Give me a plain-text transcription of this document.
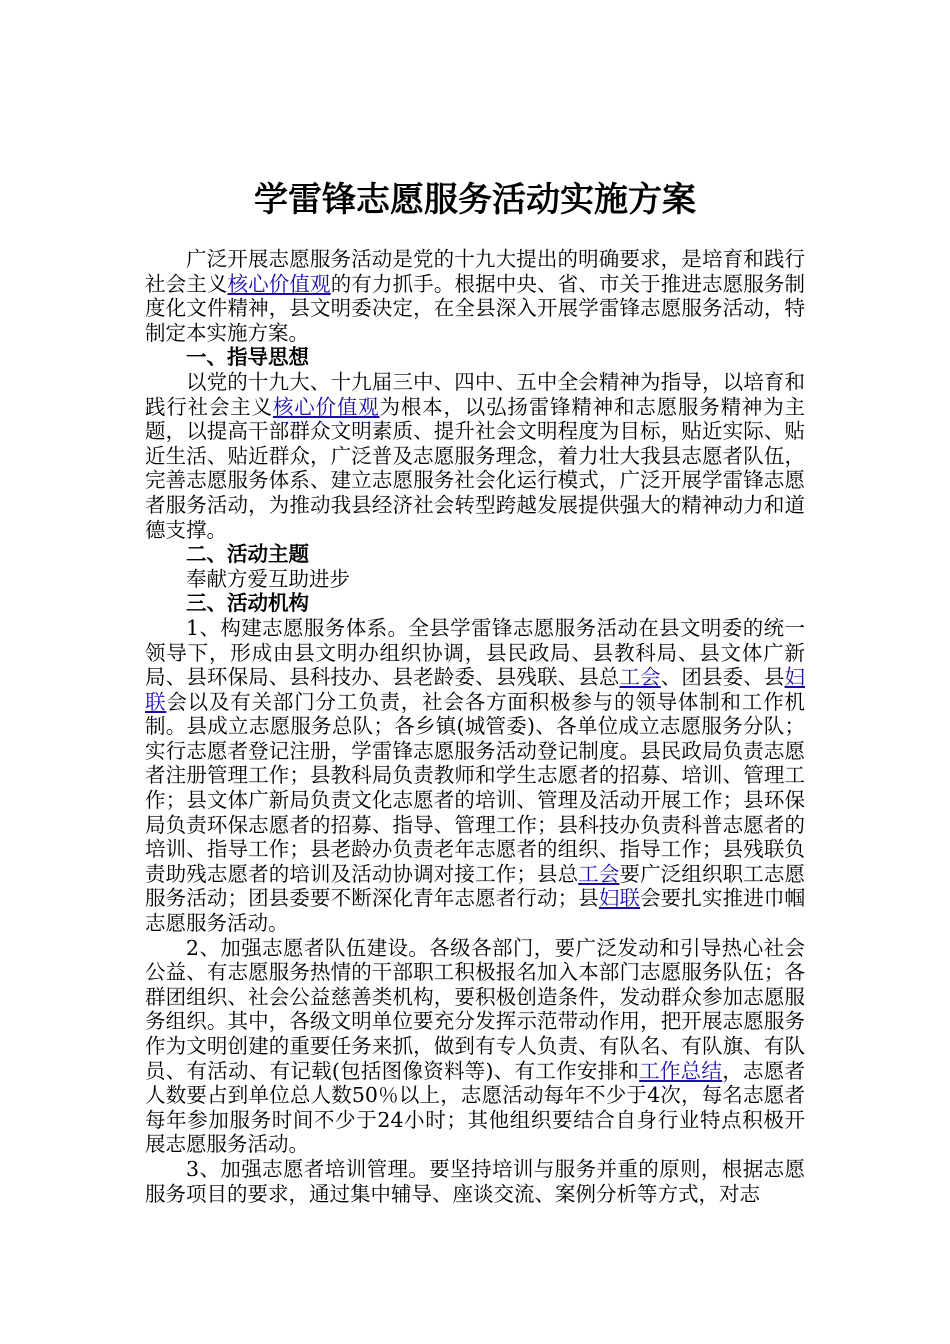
学雷锋志愿服务活动实施方案

广泛开展志愿服务活动是党的十九大提出的明确要求，是培育和践行社会主义核心价值观的有力抓手。根据中央、省、市关于推进志愿服务制度化文件精神，县文明委决定，在全县深入开展学雷锋志愿服务活动，特制定本实施方案。

一、指导思想

以党的十九大、十九届三中、四中、五中全会精神为指导，以培育和践行社会主义核心价值观为根本，以弘扬雷锋精神和志愿服务精神为主题，以提高干部群众文明素质、提升社会文明程度为目标，贴近实际、贴近生活、贴近群众，广泛普及志愿服务理念，着力壮大我县志愿者队伍，完善志愿服务体系、建立志愿服务社会化运行模式，广泛开展学雷锋志愿者服务活动，为推动我县经济社会转型跨越发展提供强大的精神动力和道德支撑。

二、活动主题

奉献方爱互助进步

三、活动机构

1、构建志愿服务体系。全县学雷锋志愿服务活动在县文明委的统一领导下，形成由县文明办组织协调，县民政局、县教科局、县文体广新局、县环保局、县科技办、县老龄委、县残联、县总工会、团县委、县妇联会以及有关部门分工负责，社会各方面积极参与的领导体制和工作机制。县成立志愿服务总队；各乡镇(城管委)、各单位成立志愿服务分队；实行志愿者登记注册，学雷锋志愿服务活动登记制度。县民政局负责志愿者注册管理工作；县教科局负责教师和学生志愿者的招募、培训、管理工作；县文体广新局负责文化志愿者的培训、管理及活动开展工作；县环保局负责环保志愿者的招募、指导、管理工作；县科技办负责科普志愿者的培训、指导工作；县老龄办负责老年志愿者的组织、指导工作；县残联负责助残志愿者的培训及活动协调对接工作；县总工会要广泛组织职工志愿服务活动；团县委要不断深化青年志愿者行动；县妇联会要扎实推进巾帼志愿服务活动。

2、加强志愿者队伍建设。各级各部门，要广泛发动和引导热心社会公益、有志愿服务热情的干部职工积极报名加入本部门志愿服务队伍；各群团组织、社会公益慈善类机构，要积极创造条件，发动群众参加志愿服务组织。其中，各级文明单位要充分发挥示范带动作用，把开展志愿服务作为文明创建的重要任务来抓，做到有专人负责、有队名、有队旗、有队员、有活动、有记载(包括图像资料等)、有工作安排和工作总结，志愿者人数要占到单位总人数50％以上，志愿活动每年不少于4次，每名志愿者每年参加服务时间不少于24小时；其他组织要结合自身行业特点积极开展志愿服务活动。

3、加强志愿者培训管理。要坚持培训与服务并重的原则，根据志愿服务项目的要求，通过集中辅导、座谈交流、案例分析等方式，对志
